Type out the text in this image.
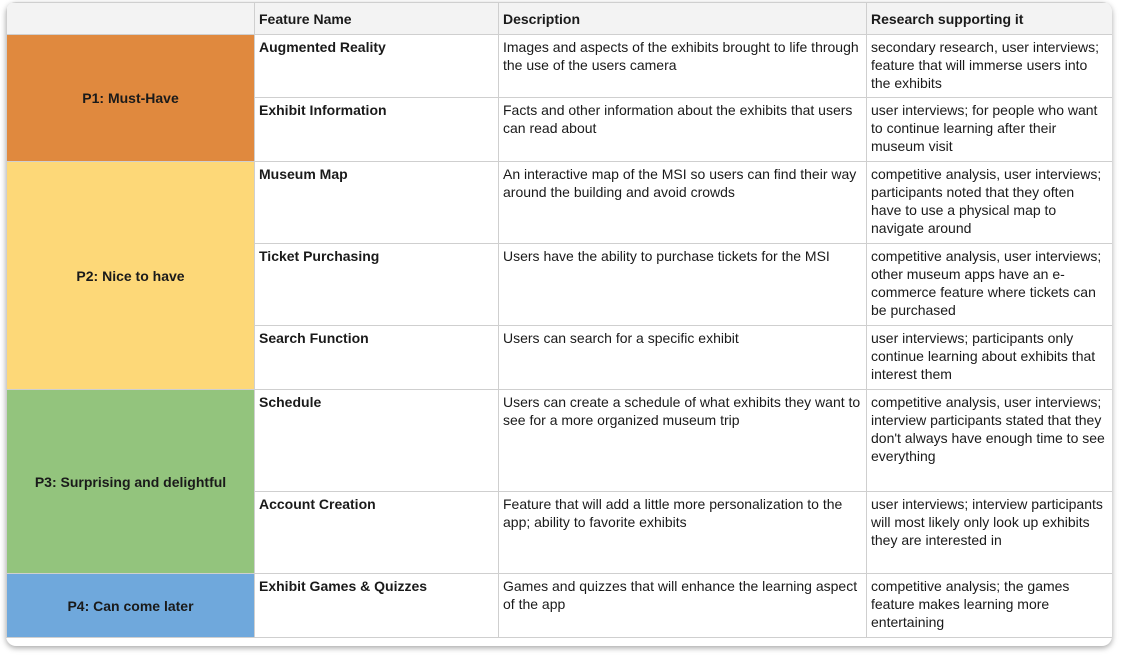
	Feature Name	Description	Research supporting it
P1: Must-Have	Augmented Reality	Images and aspects of the exhibits brought to life through the use of the users camera	secondary research, user interviews; feature that will immerse users into the exhibits
	Exhibit Information	Facts and other information about the exhibits that users can read about	user interviews; for people who want to continue learning after their museum visit
P2: Nice to have	Museum Map	An interactive map of the MSI so users can find their way around the building and avoid crowds	competitive analysis, user interviews; participants noted that they often have to use a physical map to navigate around
	Ticket Purchasing	Users have the ability to purchase tickets for the MSI	competitive analysis, user interviews; other museum apps have an e-commerce feature where tickets can be purchased
	Search Function	Users can search for a specific exhibit	user interviews; participants only continue learning about exhibits that interest them
P3: Surprising and delightful	Schedule	Users can create a schedule of what exhibits they want to see for a more organized museum trip	competitive analysis, user interviews; interview participants stated that they don't always have enough time to see everything
	Account Creation	Feature that will add a little more personalization to the app; ability to favorite exhibits	user interviews; interview participants will most likely only look up exhibits they are interested in
P4: Can come later	Exhibit Games & Quizzes	Games and quizzes that will enhance the learning aspect of the app	competitive analysis; the games feature makes learning more entertaining
